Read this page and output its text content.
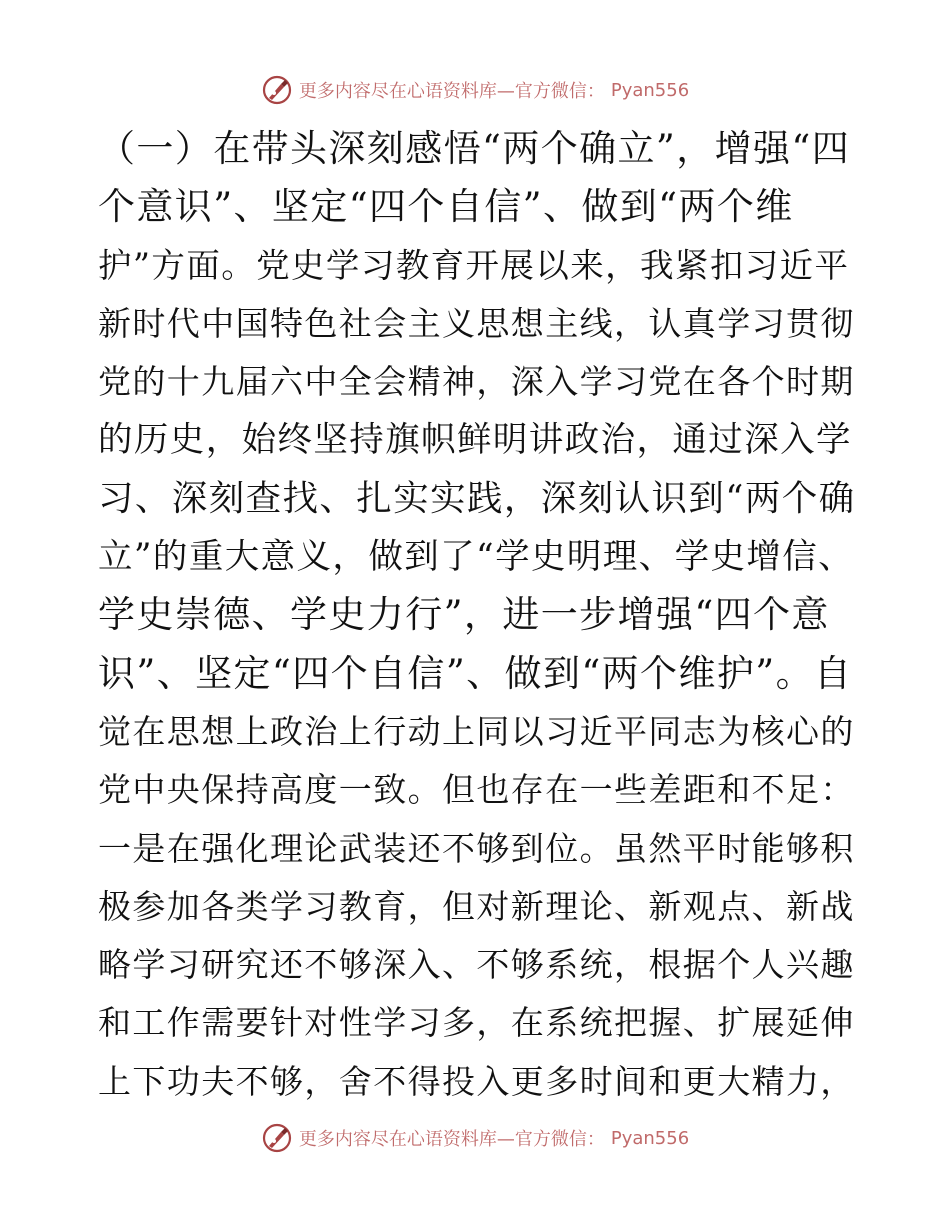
更多内容尽在心语资料库—官方微信： Pyan556
（一）在带头深刻感悟“两个确立”，增强“四
个意识”、坚定“四个自信”、做到“两个维
护”方面。党史学习教育开展以来，我紧扣习近平
新时代中国特色社会主义思想主线，认真学习贯彻
党的十九届六中全会精神，深入学习党在各个时期
的历史，始终坚持旗帜鲜明讲政治，通过深入学
习、深刻查找、扎实实践，深刻认识到“两个确
立”的重大意义，做到了“学史明理、学史增信、
学史崇德、学史力行”，进一步增强“四个意
识”、坚定“四个自信”、做到“两个维护”。自
觉在思想上政治上行动上同以习近平同志为核心的
党中央保持高度一致。但也存在一些差距和不足：
一是在强化理论武装还不够到位。虽然平时能够积
极参加各类学习教育，但对新理论、新观点、新战
略学习研究还不够深入、不够系统，根据个人兴趣
和工作需要针对性学习多，在系统把握、扩展延伸
上下功夫不够，舍不得投入更多时间和更大精力，
更多内容尽在心语资料库—官方微信： Pyan556
